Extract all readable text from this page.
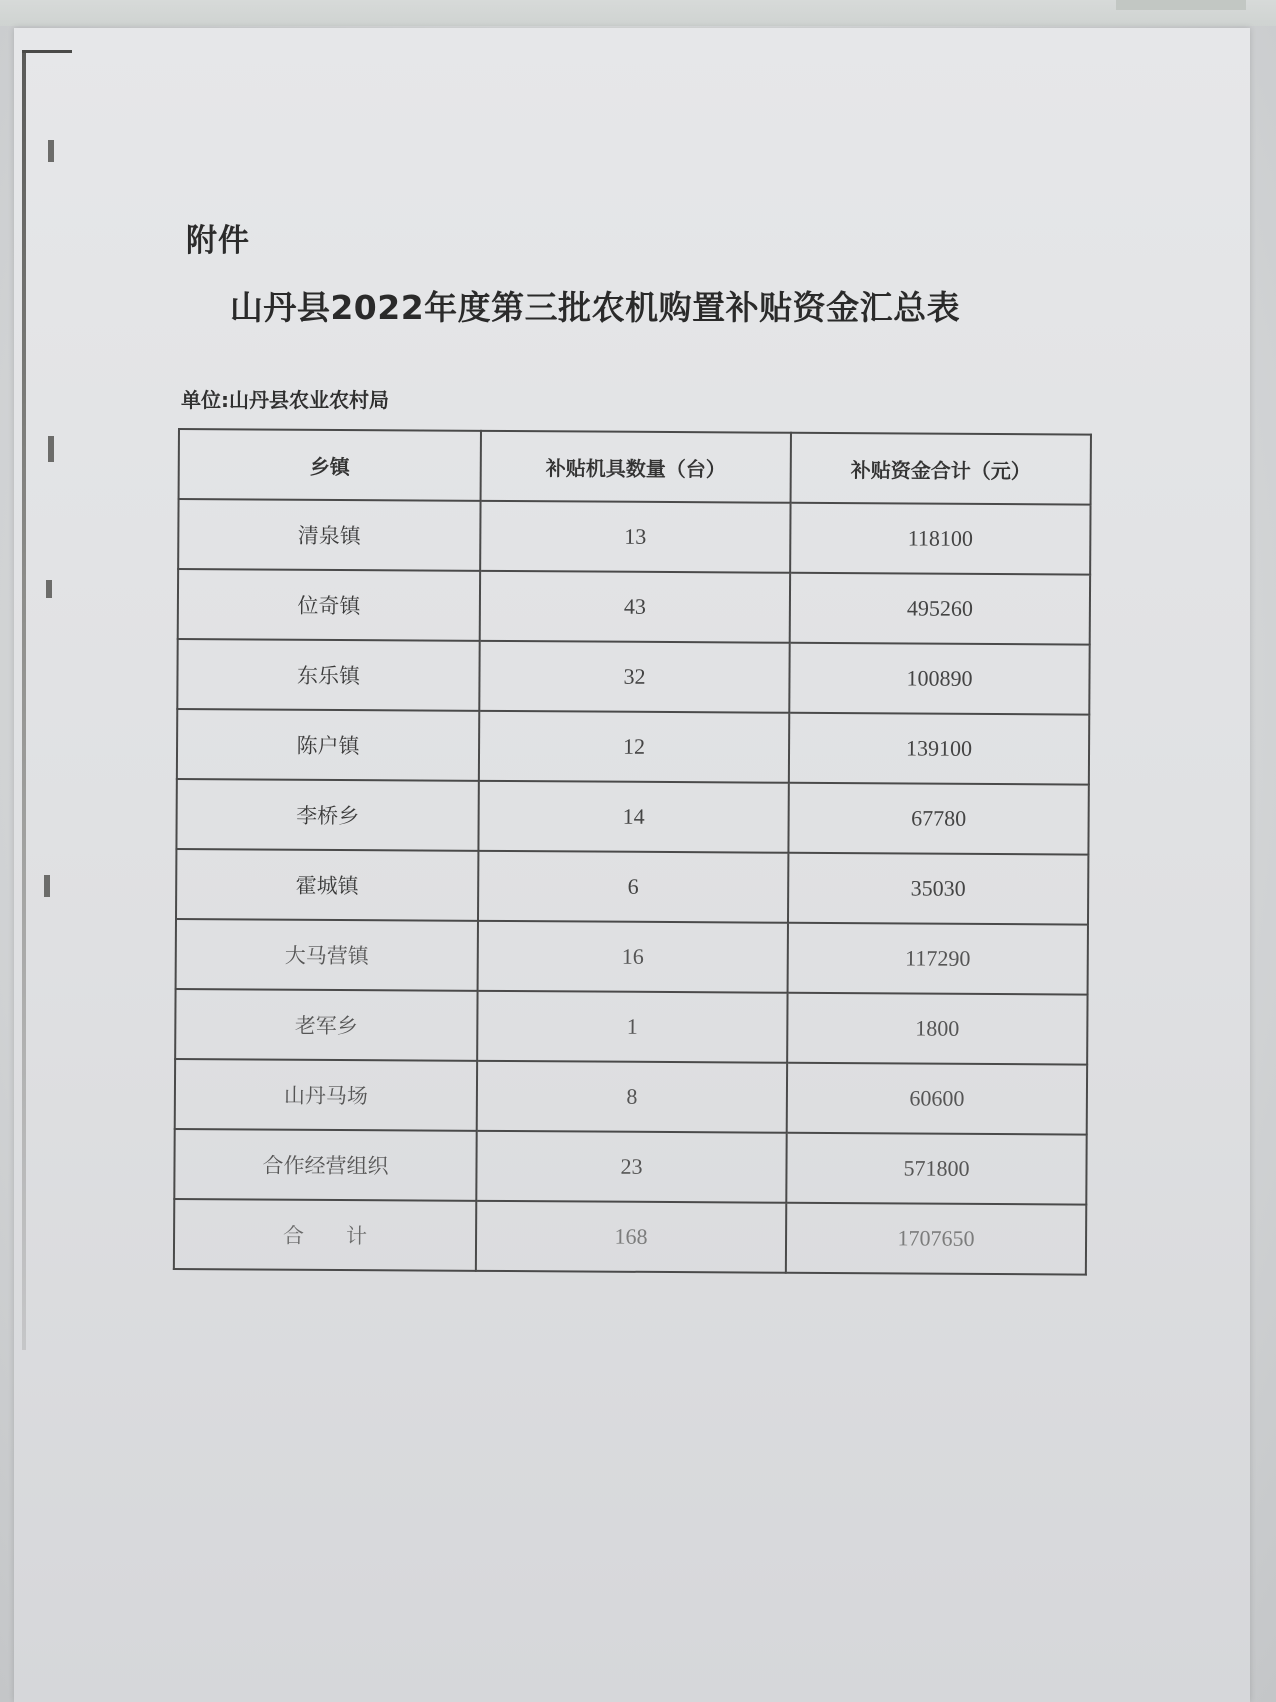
附件
山丹县2022年度第三批农机购置补贴资金汇总表
单位:山丹县农业农村局
乡镇	补贴机具数量（台）	补贴资金合计（元）
清泉镇	13	118100
位奇镇	43	495260
东乐镇	32	100890
陈户镇	12	139100
李桥乡	14	67780
霍城镇	6	35030
大马营镇	16	117290
老军乡	1	1800
山丹马场	8	60600
合作经营组织	23	571800
合计	168	1707650
